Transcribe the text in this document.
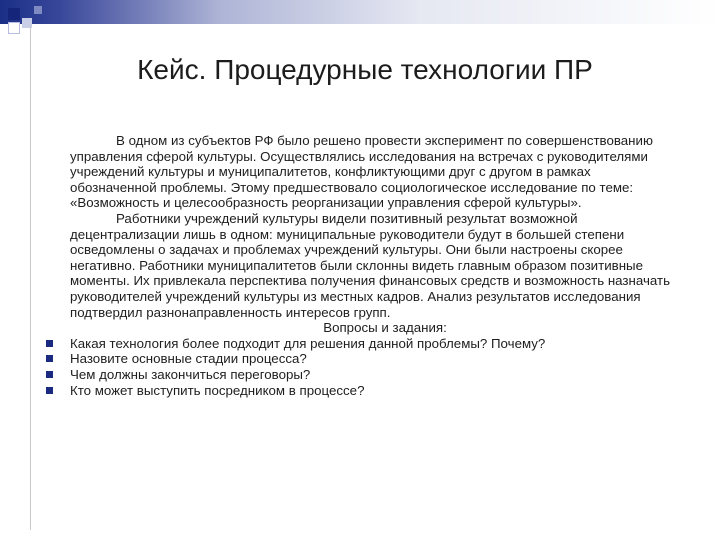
Кейс. Процедурные технологии ПР

В одном из субъектов РФ было решено провести эксперимент по совершенствованию управления сферой культуры. Осуществлялись исследования на встречах с руководителями учреждений культуры и муниципалитетов, конфликтующими друг с другом в рамках обозначенной проблемы. Этому предшествовало социологическое исследование по теме: «Возможность и целесообразность реорганизации управления сферой культуры».

Работники учреждений культуры видели позитивный результат возможной децентрализации лишь в одном: муниципальные руководители будут в большей степени осведомлены о задачах и проблемах учреждений культуры. Они были настроены скорее негативно. Работники муниципалитетов были склонны видеть главным образом позитивные моменты. Их привлекала перспектива получения финансовых средств и возможность назначать руководителей учреждений культуры из местных кадров. Анализ результатов исследования подтвердил разнонаправленность интересов групп.

Вопросы и задания:

Какая технология более подходит для решения данной проблемы? Почему?
Назовите основные стадии процесса?
Чем должны закончиться переговоры?
Кто может выступить посредником в процессе?
